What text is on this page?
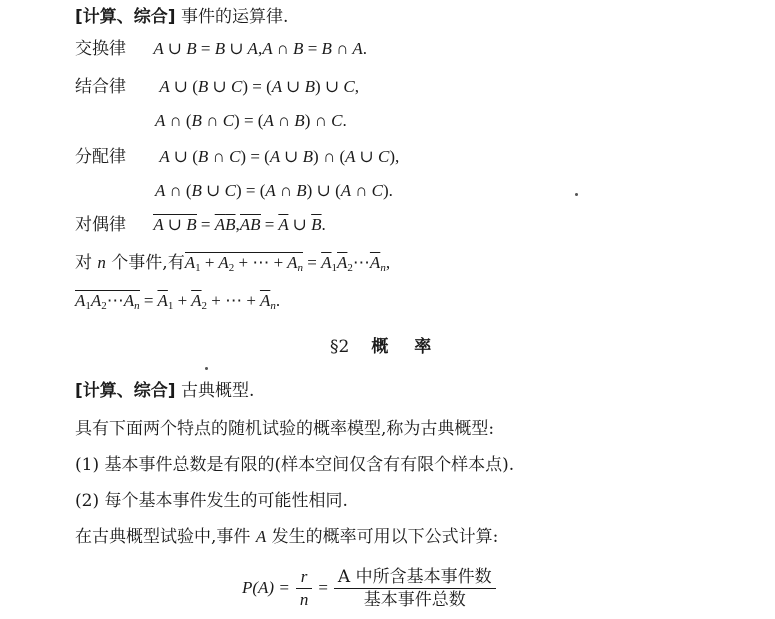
[计算、综合] 事件的运算律.
交换律 A ∪ B = B ∪ A,A ∩ B = B ∩ A.
结合律 A ∪ (B ∪ C) = (A ∪ B) ∪ C,
A ∩ (B ∩ C) = (A ∩ B) ∩ C.
分配律 A ∪ (B ∩ C) = (A ∪ B) ∩ (A ∪ C),
A ∩ (B ∪ C) = (A ∩ B) ∪ (A ∩ C).
对偶律 A ∪ $B = \overline{A}\overline{B},AB = \overline{A}$ ∪ $\overline{B}$.
对 n 个事件,有$A_1 + A_2$ + ⋯ + $A_n$ = $\overline{A}_1\overline{A}_2\cdots\overline{A}_n$,
$A_1A_2\cdots A_n = \overline{A}_1 + \overline{A}_2$ + ⋯ + $\overline{A}_n$.
§2 概 率
[计算、综合] 古典概型.
具有下面两个特点的随机试验的概率模型,称为古典概型:
(1) 基本事件总数是有限的(样本空间仅含有有限个样本点).
(2) 每个基本事件发生的可能性相同.
在古典概型试验中,事件 A 发生的概率可用以下公式计算:
$P(A) = \frac{r}{n} = \frac{\text{A 中所含基本事件数}}{\text{基本事件总数}}$
